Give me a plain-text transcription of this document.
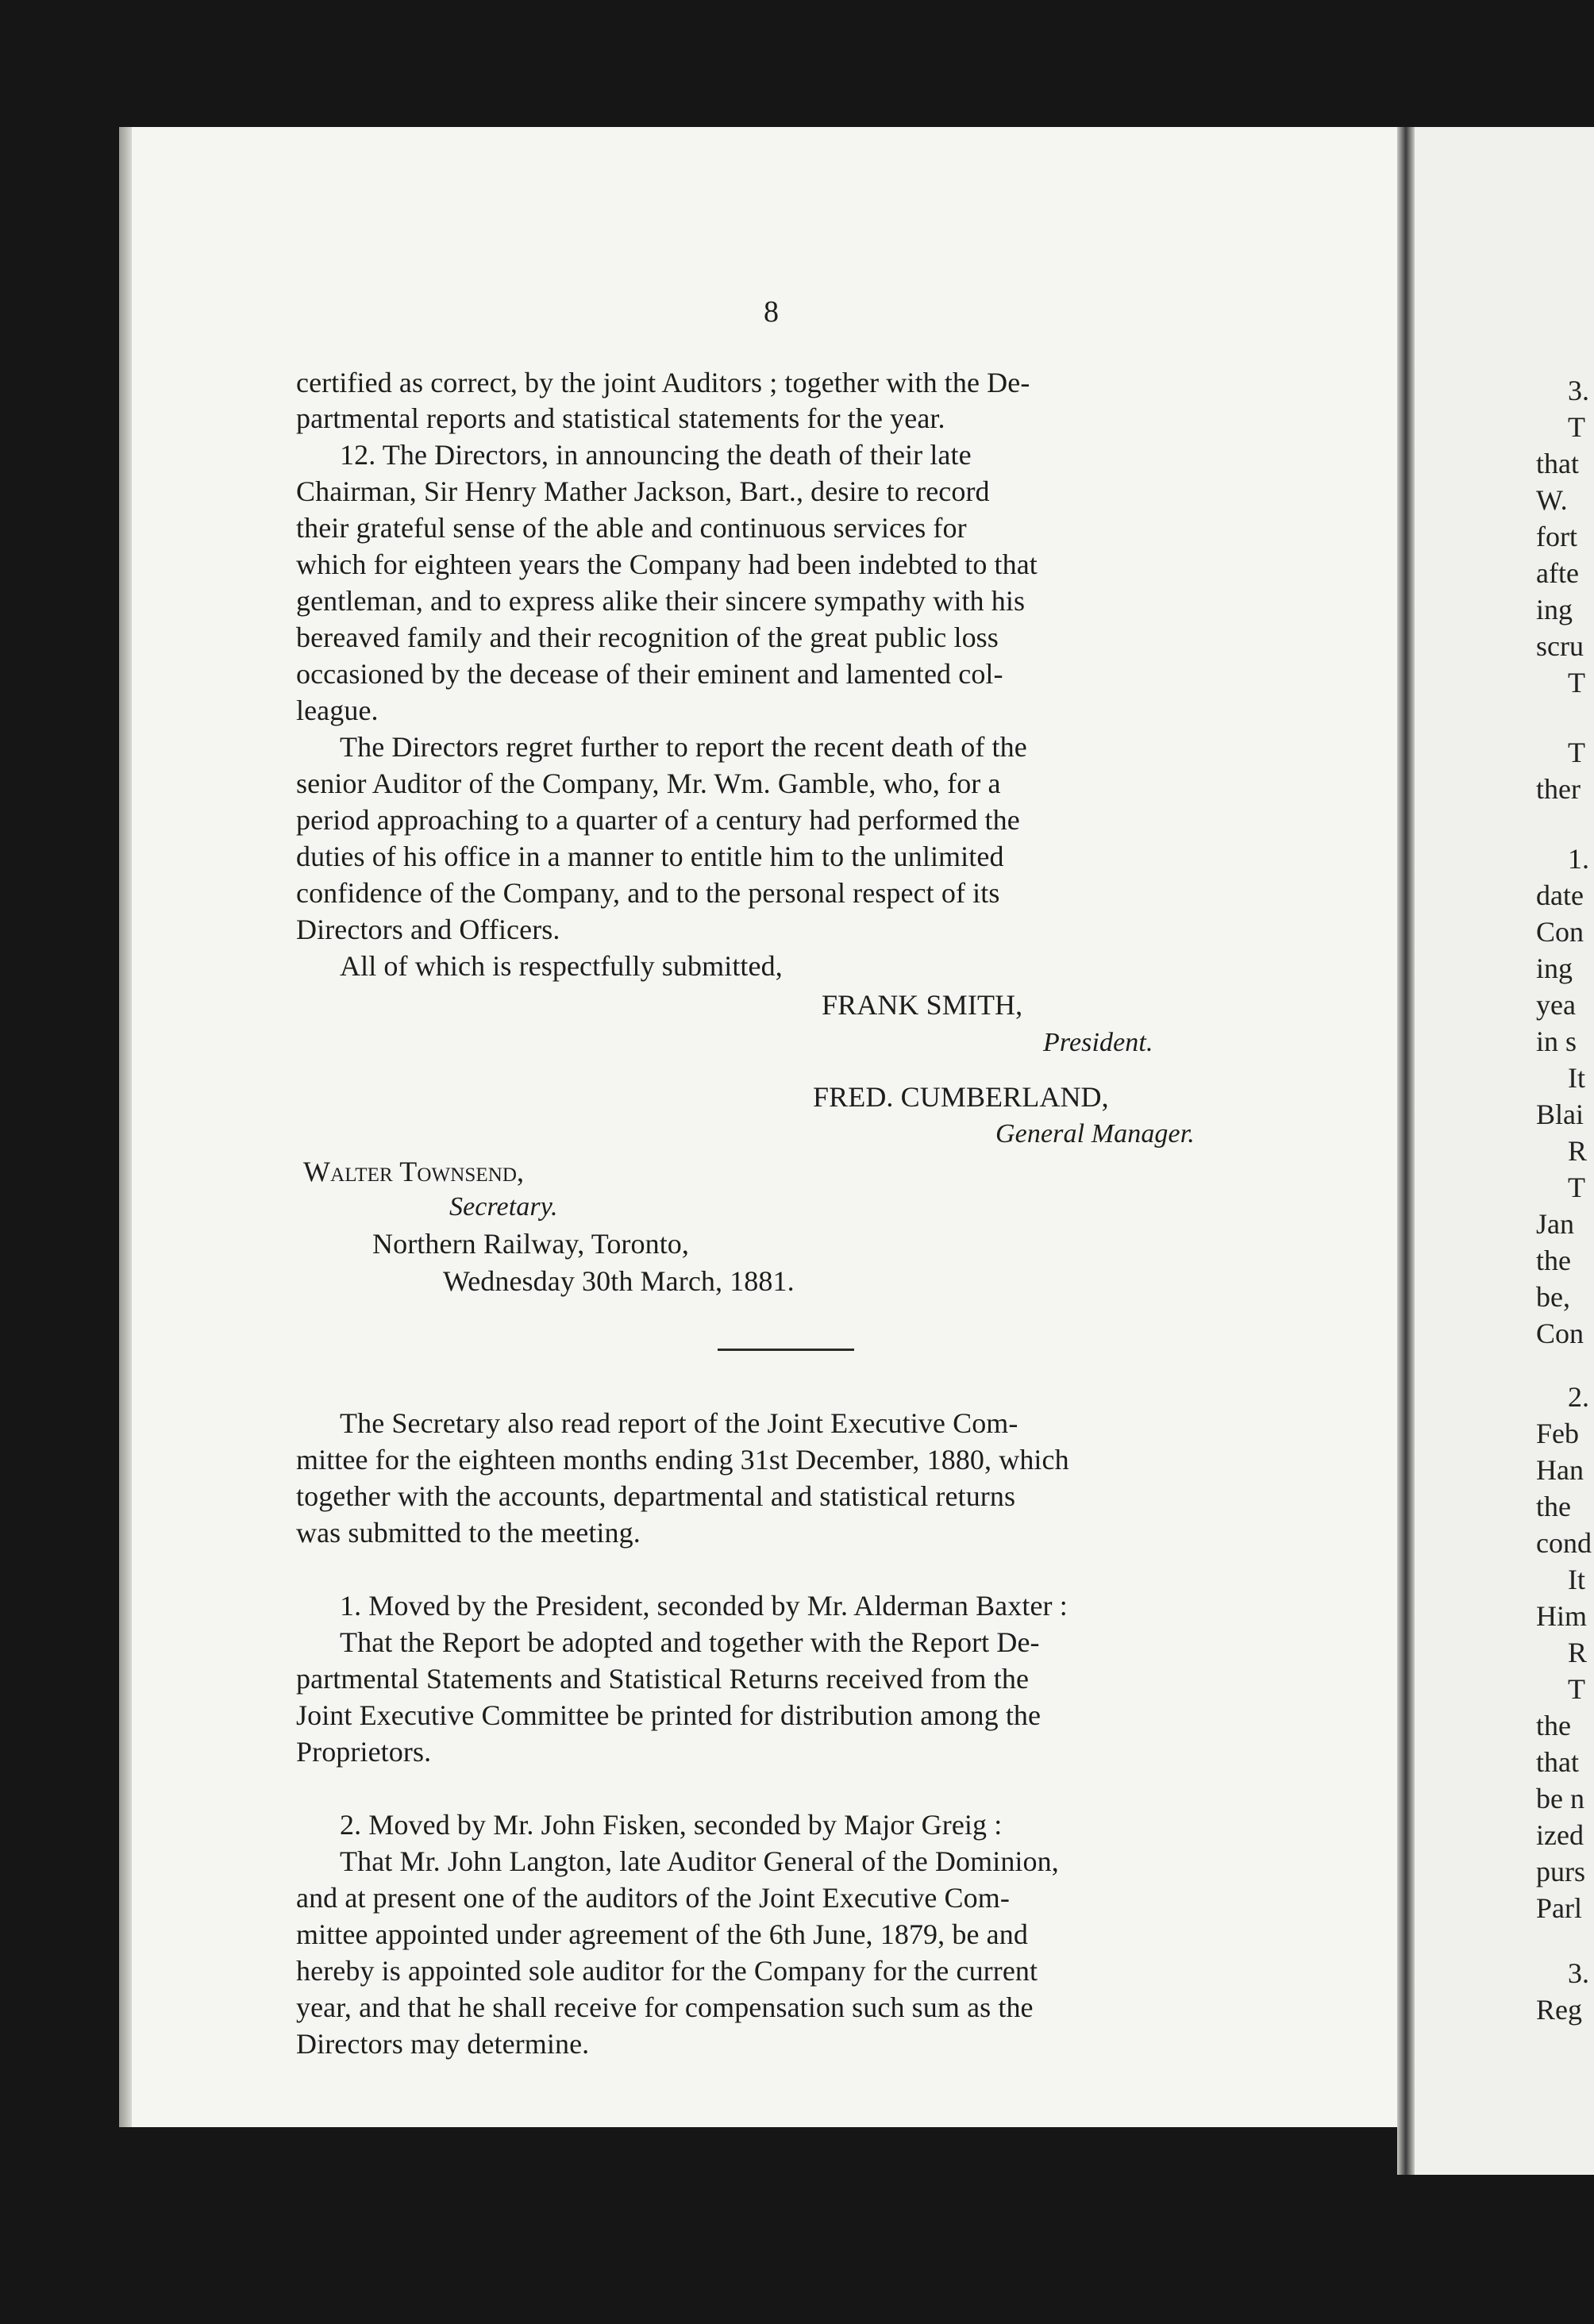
8
certified as correct, by the joint Auditors ; together with the De-
partmental reports and statistical statements for the year.
12. The Directors, in announcing the death of their late
Chairman, Sir Henry Mather Jackson, Bart., desire to record
their grateful sense of the able and continuous services for
which for eighteen years the Company had been indebted to that
gentleman, and to express alike their sincere sympathy with his
bereaved family and their recognition of the great public loss
occasioned by the decease of their eminent and lamented col-
league.
The Directors regret further to report the recent death of the
senior Auditor of the Company, Mr. Wm. Gamble, who, for a
period approaching to a quarter of a century had performed the
duties of his office in a manner to entitle him to the unlimited
confidence of the Company, and to the personal respect of its
Directors and Officers.
All of which is respectfully submitted,
FRANK SMITH,
President.
FRED. CUMBERLAND,
General Manager.
Walter Townsend,
Secretary.
Northern Railway, Toronto,
Wednesday 30th March, 1881.
The Secretary also read report of the Joint Executive Com-
mittee for the eighteen months ending 31st December, 1880, which
together with the accounts, departmental and statistical returns
was submitted to the meeting.
1. Moved by the President, seconded by Mr. Alderman Baxter :
That the Report be adopted and together with the Report De-
partmental Statements and Statistical Returns received from the
Joint Executive Committee be printed for distribution among the
Proprietors.
2. Moved by Mr. John Fisken, seconded by Major Greig :
That Mr. John Langton, late Auditor General of the Dominion,
and at present one of the auditors of the Joint Executive Com-
mittee appointed under agreement of the 6th June, 1879, be and
hereby is appointed sole auditor for the Company for the current
year, and that he shall receive for compensation such sum as the
Directors may determine.
3.
T
that
W.
fort
afte
ing
scru
T
T
ther
1.
date
Con
ing
yea
in s
It
Blai
R
T
Jan
the
be,
Con
2.
Feb
Han
the
cond
It
Him
R
T
the
that
be n
ized
purs
Parl
3.
Reg
